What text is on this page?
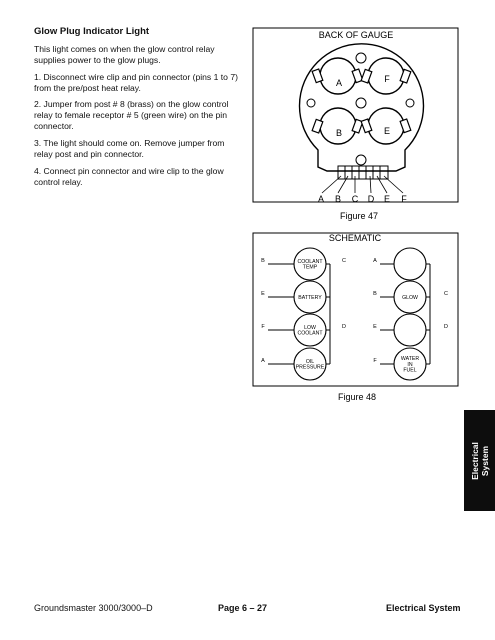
Glow Plug Indicator Light
This light comes on when the glow control relay supplies power to the glow plugs.
1. Disconnect wire clip and pin connector (pins 1 to 7) from the pre/post heat relay.
2. Jumper from post # 8 (brass) on the glow control relay to female receptor # 5 (green wire) on the pin connector.
3. The light should come on. Remove jumper from relay post and pin connector.
4. Connect pin connector and wire clip to the glow control relay.
BACK OF GAUGE
A	F
B	E
A B C D E F
Figure 47
SCHEMATIC
B	C
COOLANT TEMP
E
BATTERY
F	D
LOW COOLANT
A	OIL PRESSURE
A
B	C
GLOW
E	D
F	WATER IN FUEL
Figure 48
Electrical
System
Groundsmaster 3000/3000–D	Page 6 – 27	Electrical System
